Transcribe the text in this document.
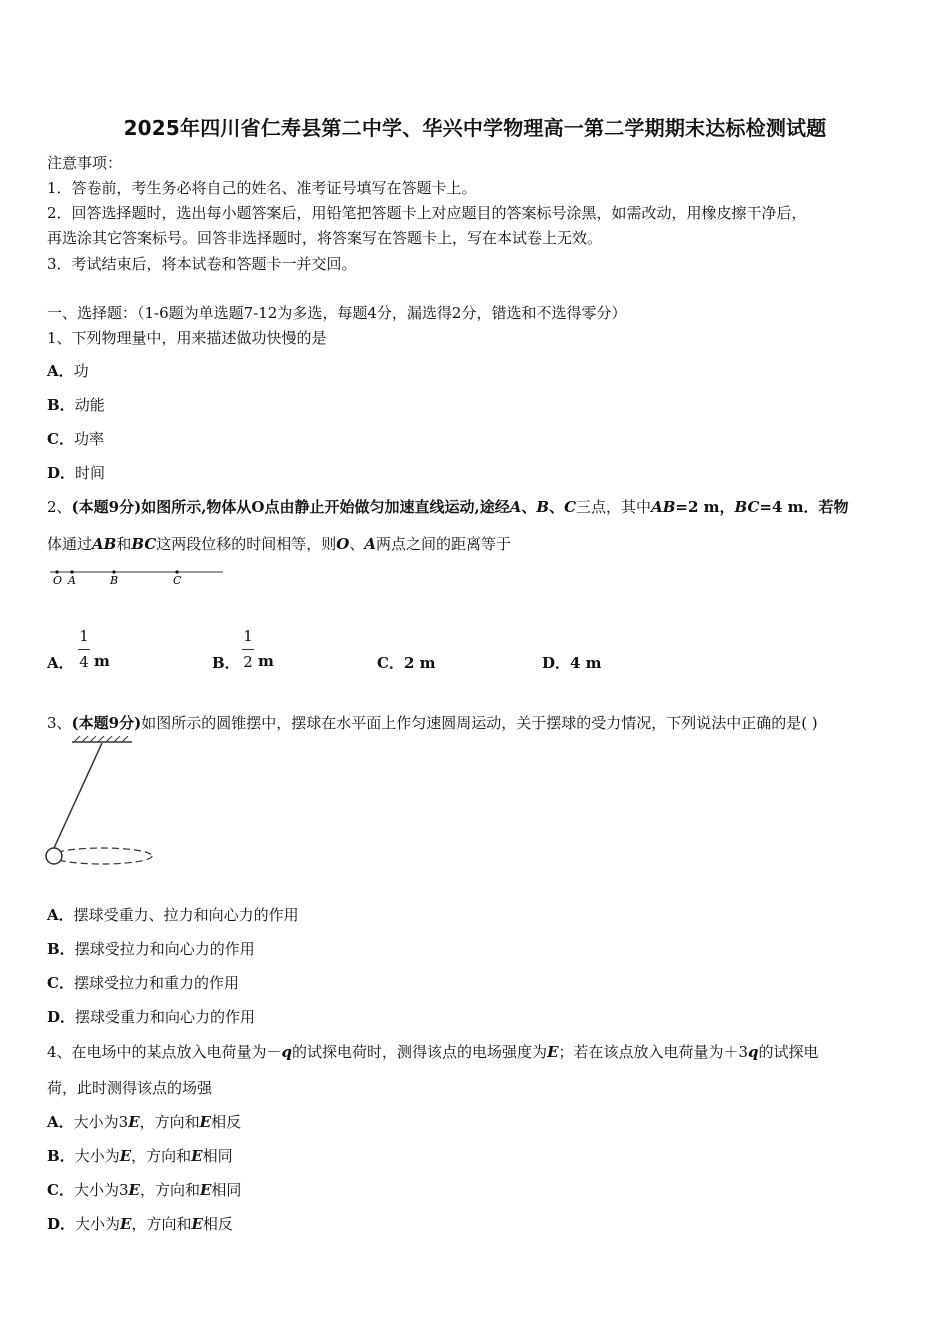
2025年四川省仁寿县第二中学、华兴中学物理高一第二学期期末达标检测试题
注意事项：
1．答卷前，考生务必将自己的姓名、准考证号填写在答题卡上。
2．回答选择题时，选出每小题答案后，用铅笔把答题卡上对应题目的答案标号涂黑，如需改动，用橡皮擦干净后，
再选涂其它答案标号。回答非选择题时，将答案写在答题卡上，写在本试卷上无效。
3．考试结束后，将本试卷和答题卡一并交回。
一、选择题：（1-6题为单选题7-12为多选，每题4分，漏选得2分，错选和不选得零分）
1、下列物理量中，用来描述做功快慢的是
A．功
B．动能
C．功率
D．时间
2、(本题9分)如图所示,物体从O点由静止开始做匀加速直线运动,途经A、B、C三点，其中AB=2 m，BC=4 m．若物
体通过AB和BC这两段位移的时间相等，则O、A两点之间的距离等于
O A	B	C
A．
1
4 m	B．
1
2 m	C．2 m	D．4 m
3、(本题9分)如图所示的圆锥摆中，摆球在水平面上作匀速圆周运动，关于摆球的受力情况，下列说法中正确的是( )
A．摆球受重力、拉力和向心力的作用
B．摆球受拉力和向心力的作用
C．摆球受拉力和重力的作用
D．摆球受重力和向心力的作用
4、在电场中的某点放入电荷量为－q的试探电荷时，测得该点的电场强度为E；若在该点放入电荷量为＋3q的试探电
荷，此时测得该点的场强
A．大小为3E，方向和E相反
B．大小为E，方向和E相同
C．大小为3E，方向和E相同
D．大小为E，方向和E相反
